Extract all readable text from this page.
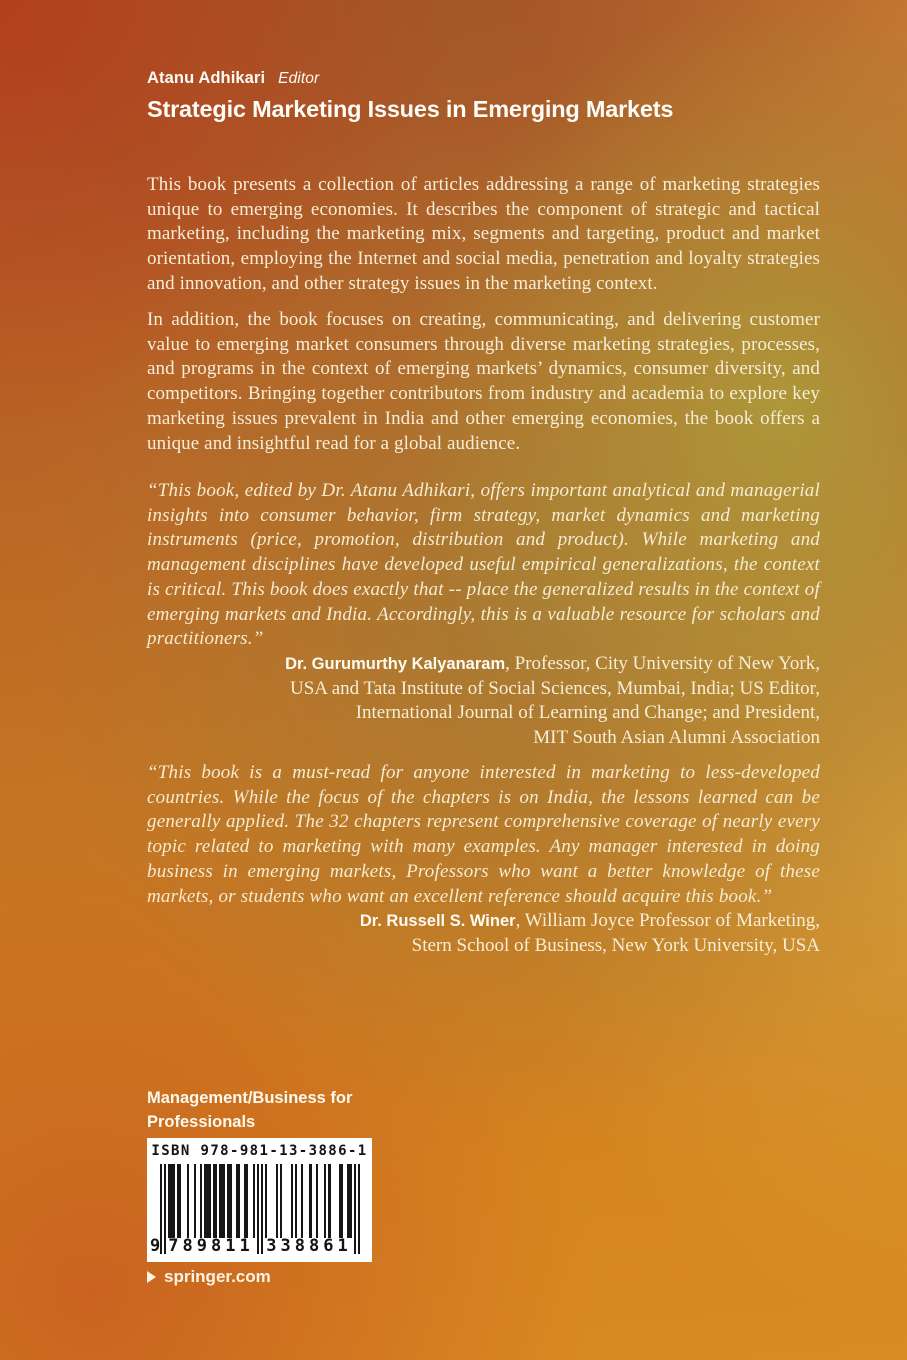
Atanu Adhikari Editor
Strategic Marketing Issues in Emerging Markets

This book presents a collection of articles addressing a range of marketing strategies unique to emerging economies. It describes the component of strategic and tactical marketing, including the marketing mix, segments and targeting, product and market orientation, employing the Internet and social media, penetration and loyalty strategies and innovation, and other strategy issues in the marketing context.

In addition, the book focuses on creating, communicating, and delivering customer value to emerging market consumers through diverse marketing strategies, processes, and programs in the context of emerging markets’ dynamics, consumer diversity, and competitors. Bringing together contributors from industry and academia to explore key marketing issues prevalent in India and other emerging economies, the book offers a unique and insightful read for a global audience.

“This book, edited by Dr. Atanu Adhikari, offers important analytical and managerial insights into consumer behavior, firm strategy, market dynamics and marketing instruments (price, promotion, distribution and product). While marketing and management disciplines have developed useful empirical generalizations, the context is critical. This book does exactly that -- place the generalized results in the context of emerging markets and India. Accordingly, this is a valuable resource for scholars and practitioners.”

Dr. Gurumurthy Kalyanaram, Professor, City University of New York,
USA and Tata Institute of Social Sciences, Mumbai, India; US Editor,
International Journal of Learning and Change; and President,
MIT South Asian Alumni Association

“This book is a must-read for anyone interested in marketing to less-developed countries. While the focus of the chapters is on India, the lessons learned can be generally applied. The 32 chapters represent comprehensive coverage of nearly every topic related to marketing with many examples. Any manager interested in doing business in emerging markets, Professors who want a better knowledge of these markets, or students who want an excellent reference should acquire this book.”

Dr. Russell S. Winer, William Joyce Professor of Marketing,
Stern School of Business, New York University, USA
Management/Business for
Professionals
ISBN 978-981-13-3886-1
9 789811 338861
springer.com
